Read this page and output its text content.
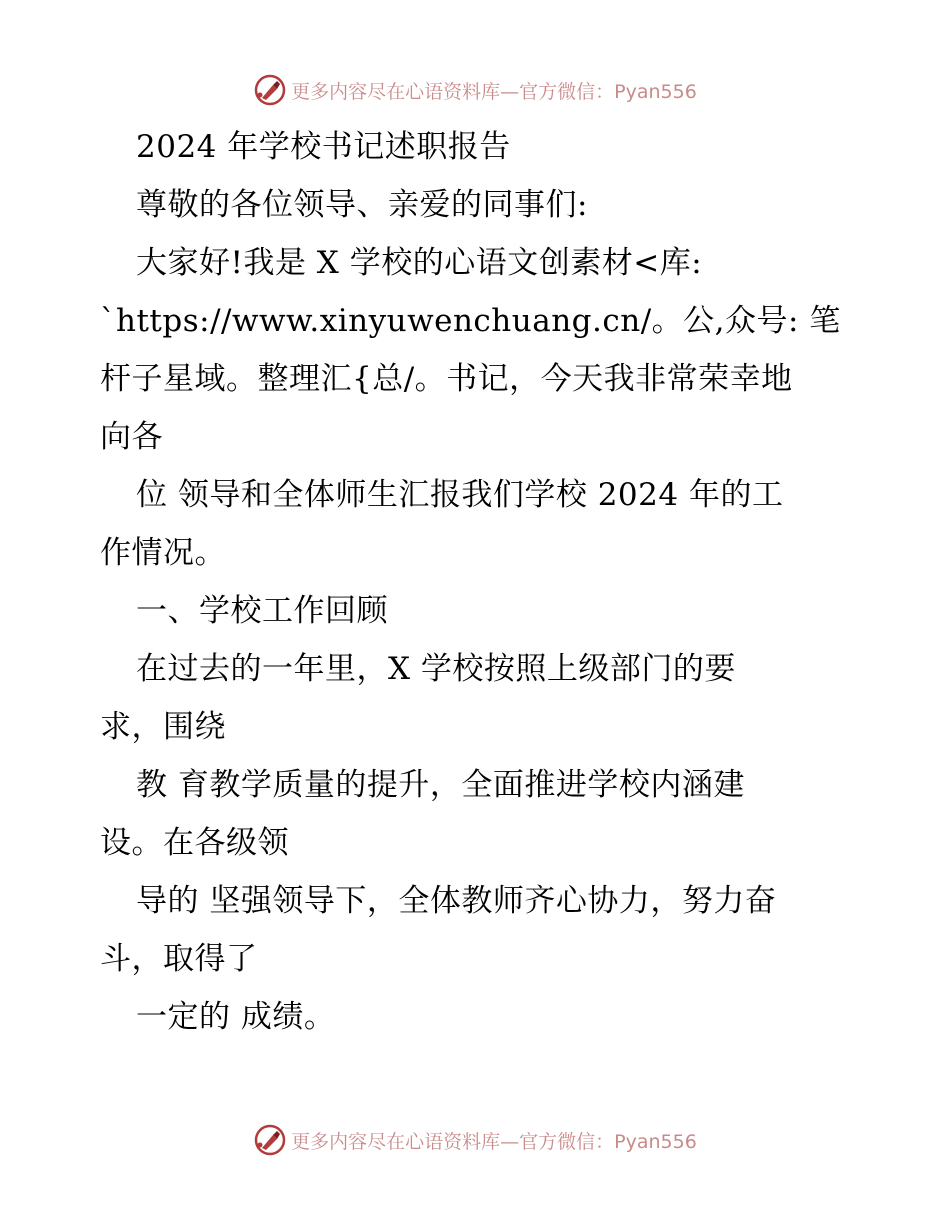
更多内容尽在心语资料库—官方微信：Pyan556
2024 年学校书记述职报告
尊敬的各位领导、亲爱的同事们:
大家好!我是 X 学校的心语文创素材<库:
`https://www.xinyuwenchuang.cn/。公,众号: 笔
杆子星域。整理汇{总/。书记，今天我非常荣幸地
向各
位 领导和全体师生汇报我们学校 2024 年的工
作情况。
一、学校工作回顾
在过去的一年里，X 学校按照上级部门的要
求，围绕
教 育教学质量的提升，全面推进学校内涵建
设。在各级领
导的 坚强领导下，全体教师齐心协力，努力奋
斗，取得了
一定的 成绩。
更多内容尽在心语资料库—官方微信：Pyan556
